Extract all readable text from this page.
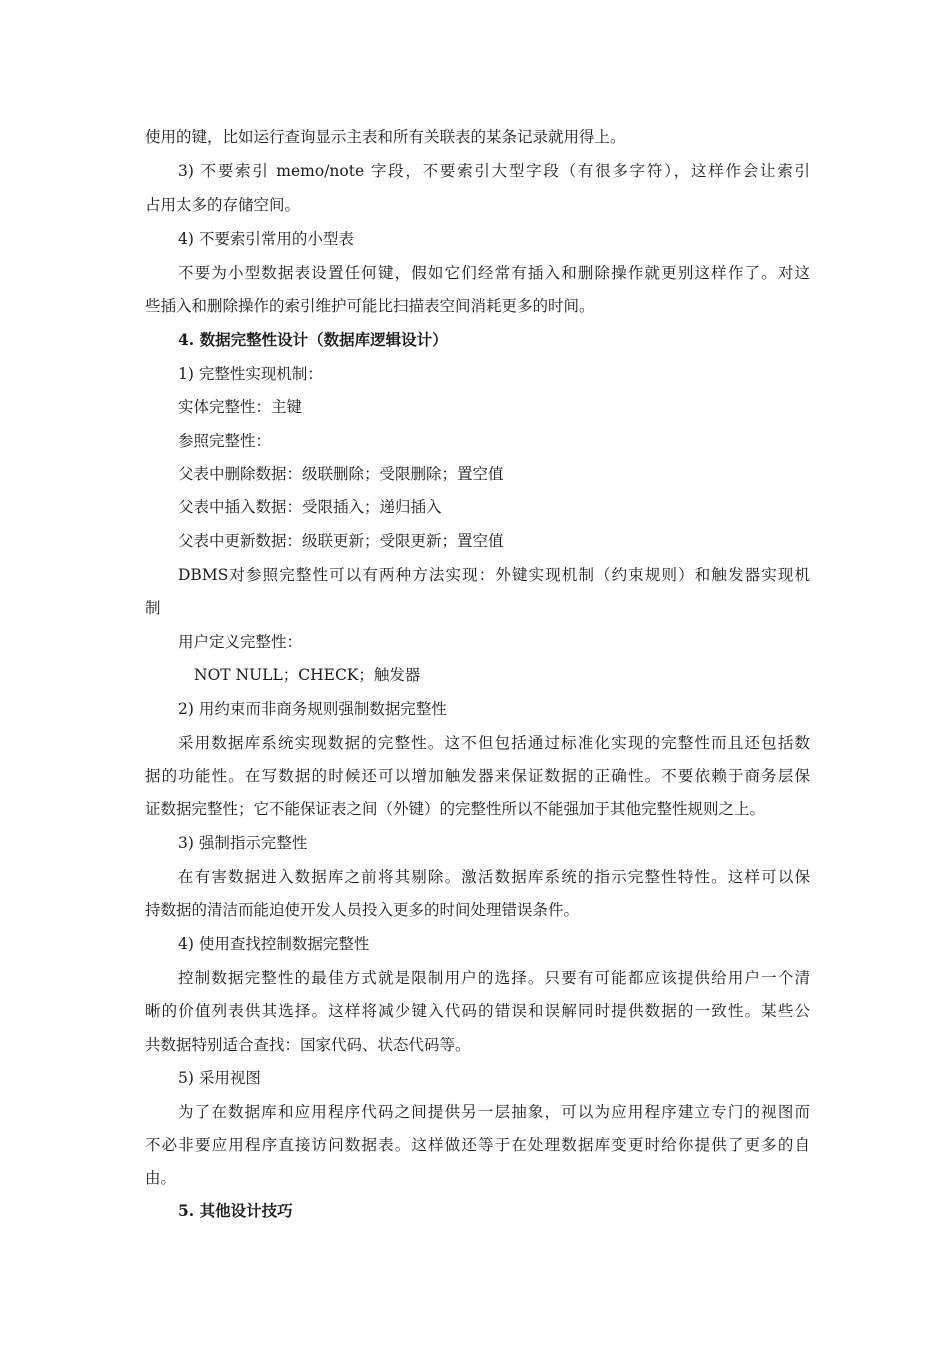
使用的键，比如运行查询显示主表和所有关联表的某条记录就用得上。
3) 不要索引 memo/note 字段，不要索引大型字段（有很多字符），这样作会让索引
占用太多的存储空间。
4) 不要索引常用的小型表
不要为小型数据表设置任何键，假如它们经常有插入和删除操作就更别这样作了。对这
些插入和删除操作的索引维护可能比扫描表空间消耗更多的时间。
4. 数据完整性设计（数据库逻辑设计）
1) 完整性实现机制：
实体完整性：主键
参照完整性：
父表中删除数据：级联删除；受限删除；置空值
父表中插入数据：受限插入；递归插入
父表中更新数据：级联更新；受限更新；置空值
DBMS对参照完整性可以有两种方法实现：外键实现机制（约束规则）和触发器实现机
制
用户定义完整性：
NOT NULL；CHECK；触发器
2) 用约束而非商务规则强制数据完整性
采用数据库系统实现数据的完整性。这不但包括通过标准化实现的完整性而且还包括数
据的功能性。在写数据的时候还可以增加触发器来保证数据的正确性。不要依赖于商务层保
证数据完整性；它不能保证表之间（外键）的完整性所以不能强加于其他完整性规则之上。
3) 强制指示完整性
在有害数据进入数据库之前将其剔除。激活数据库系统的指示完整性特性。这样可以保
持数据的清洁而能迫使开发人员投入更多的时间处理错误条件。
4) 使用查找控制数据完整性
控制数据完整性的最佳方式就是限制用户的选择。只要有可能都应该提供给用户一个清
晰的价值列表供其选择。这样将减少键入代码的错误和误解同时提供数据的一致性。某些公
共数据特别适合查找：国家代码、状态代码等。
5) 采用视图
为了在数据库和应用程序代码之间提供另一层抽象，可以为应用程序建立专门的视图而
不必非要应用程序直接访问数据表。这样做还等于在处理数据库变更时给你提供了更多的自
由。
5. 其他设计技巧
